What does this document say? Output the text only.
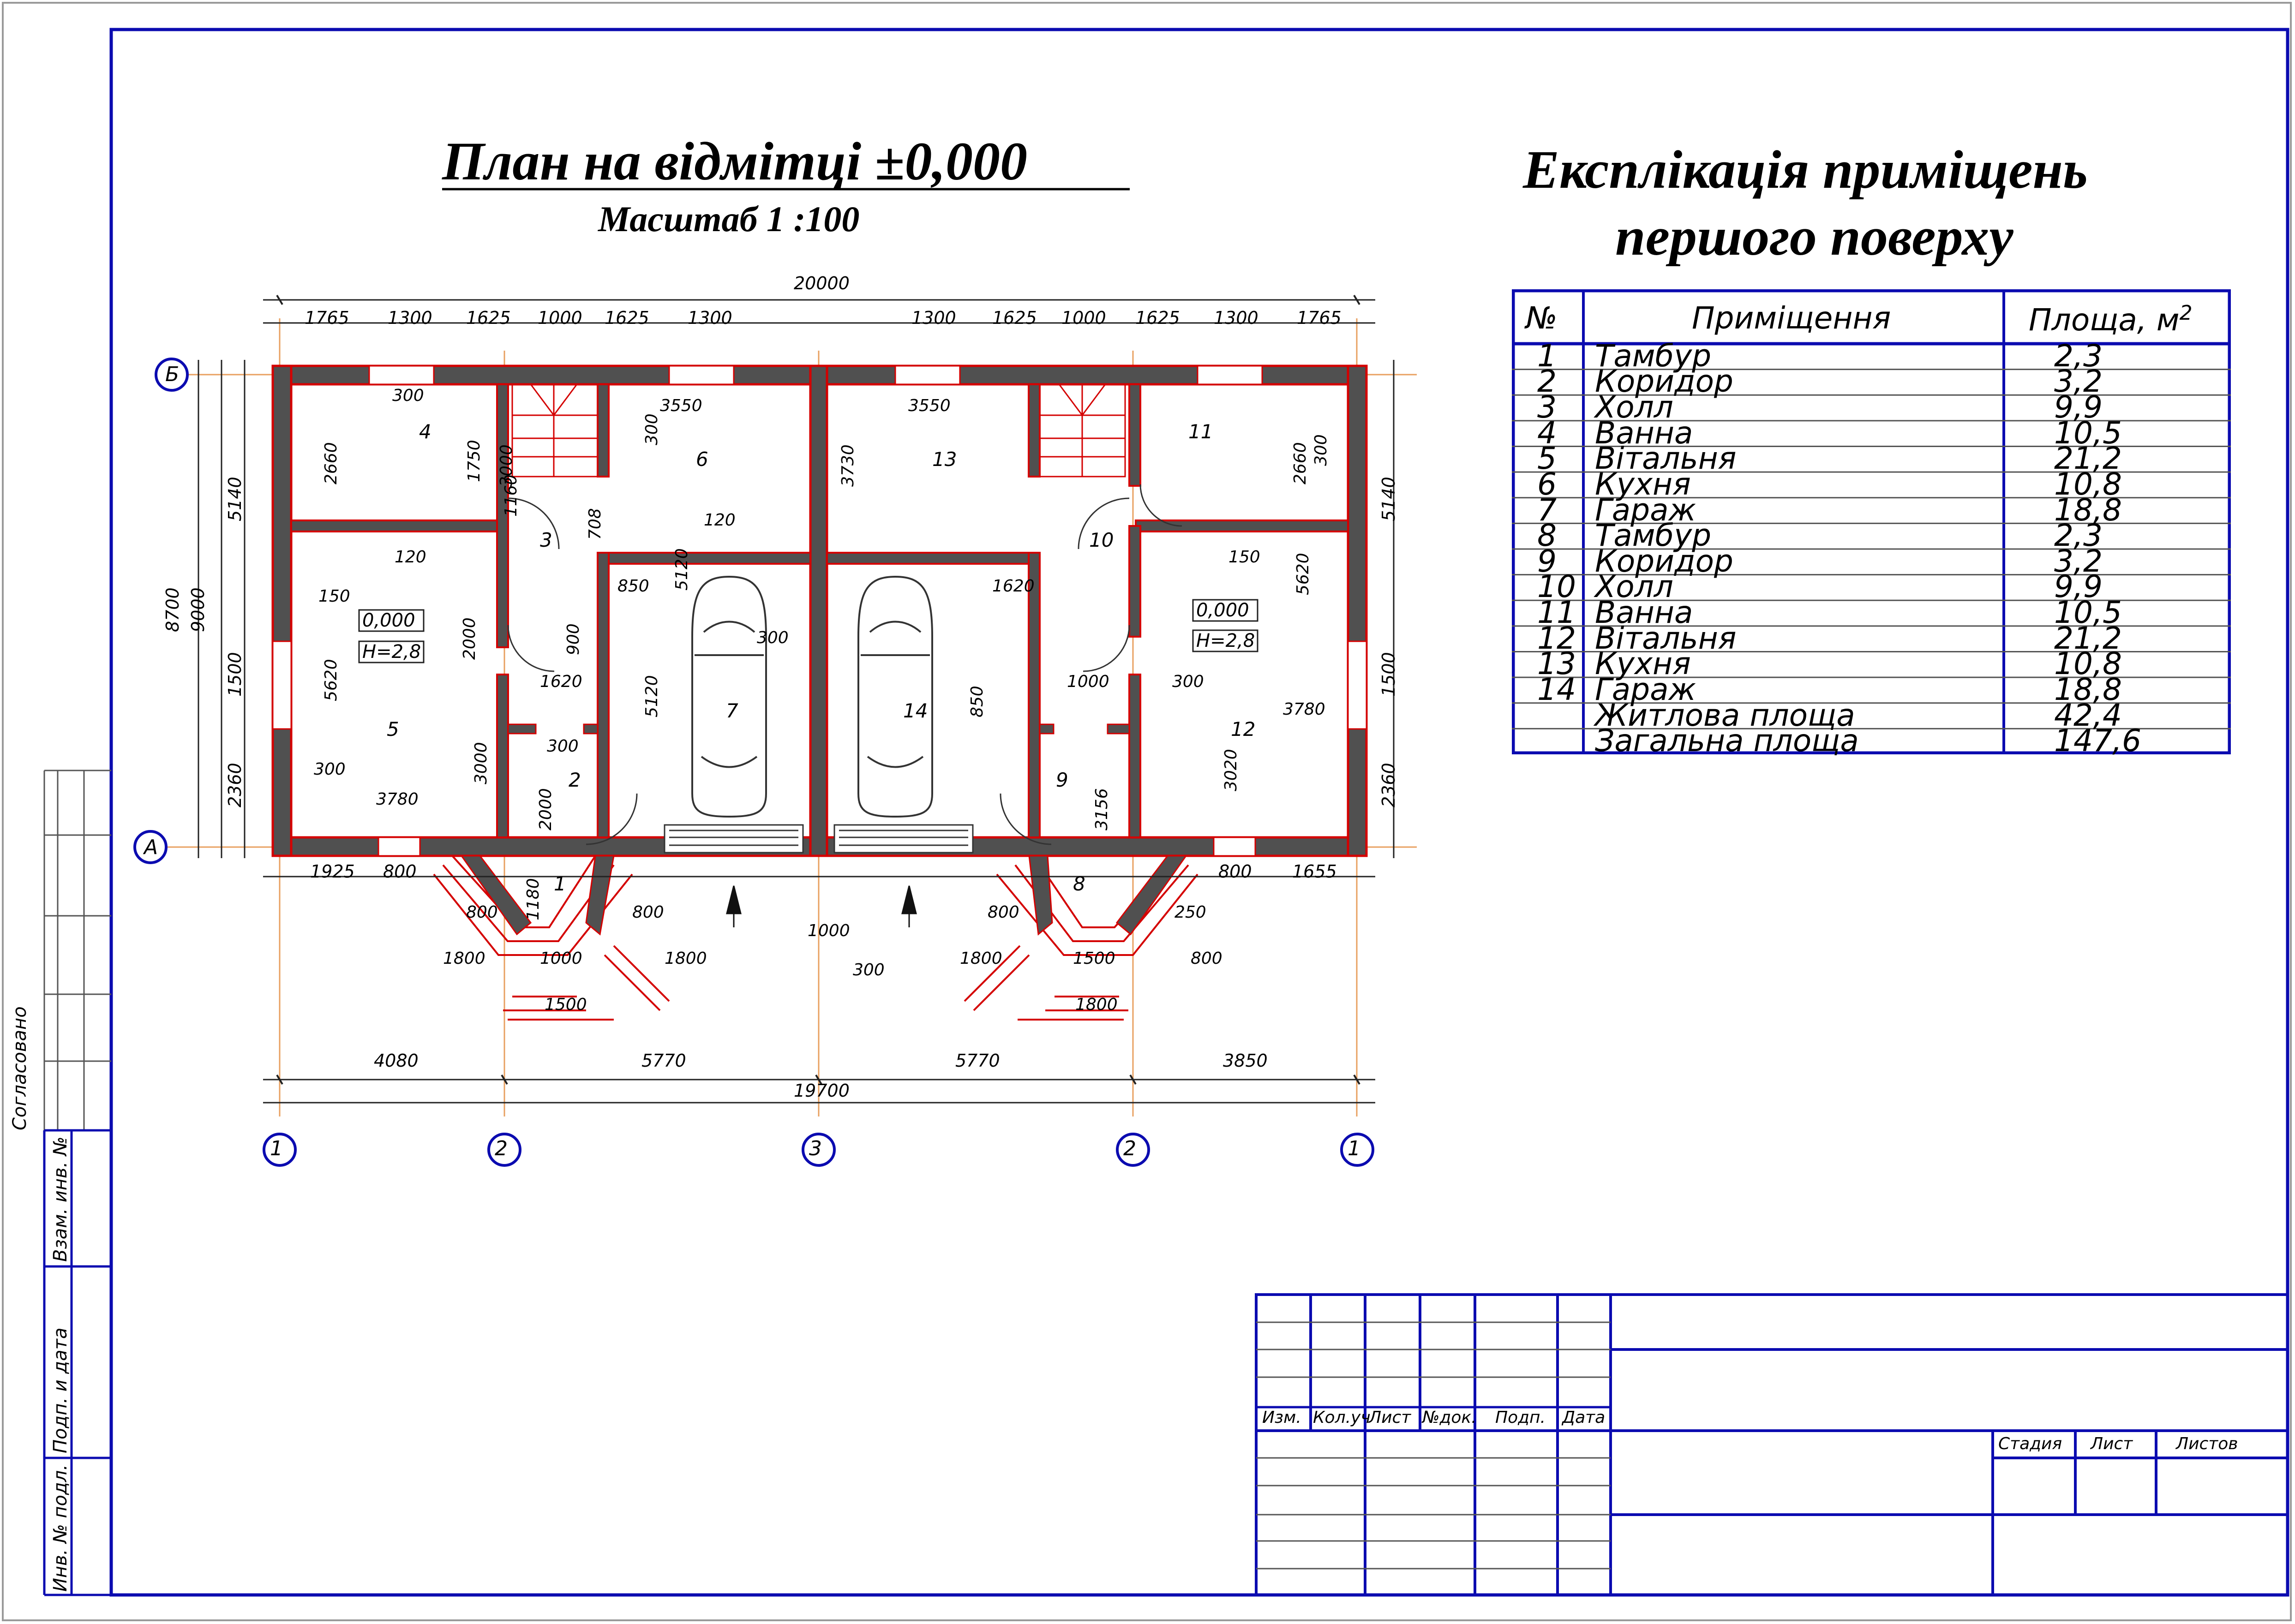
План на відмітці ±0,000
Масштаб 1 :100
Експлікація приміщень
першого поверху
№	Приміщення	Площа, $м^2$
1 Тамбур	2,3
2 Коридор	3,2
3 Холл	9,9
4 Ванна	10,5
5 Вітальня	21,2
6 Кухня	10,8
7 Гараж	18,8
8 Тамбур	2,3
9 Коридор	3,2
10 Холл	9,9
11 Ванна	10,5
12 Вітальня	21,2
13 Кухня	10,8
14 Гараж	18,8
Житлова площа	42,4
Загальна площа	147,6
20000
1765 1300 1625 1000 1625 1300	1300 1625 1000 1625 1300 1765
4080	5770	5770	3850
19700
1925 800	800 1655
8700 9000
5140
1500
2360
5140
1500
2360
1	2	3	2	1
Б
А
1
2
3
4
5
6
7
8
9
10
11
12
13
14
0,000
H=2,8
0,000
H=2,8
3550	3550
300
300
2660	2660
1750
300
120
120	150
150
5620
5620
3780
3780
3020
3000
3000	3730
5120
5120	850
850	1620
1620	1000
2000
2000	3156
900
708
1160
1180
1000
1000	1500
1500	1800
1800	1800	1800	800
800	800	800	250
300
300
300
300
300
Согласовано
Взам. инв. №
Подп. и дата
Инв. № подл.
Изм. Кол.уч
Лист №док. Подп. Дата
Стадия Лист	Листов
